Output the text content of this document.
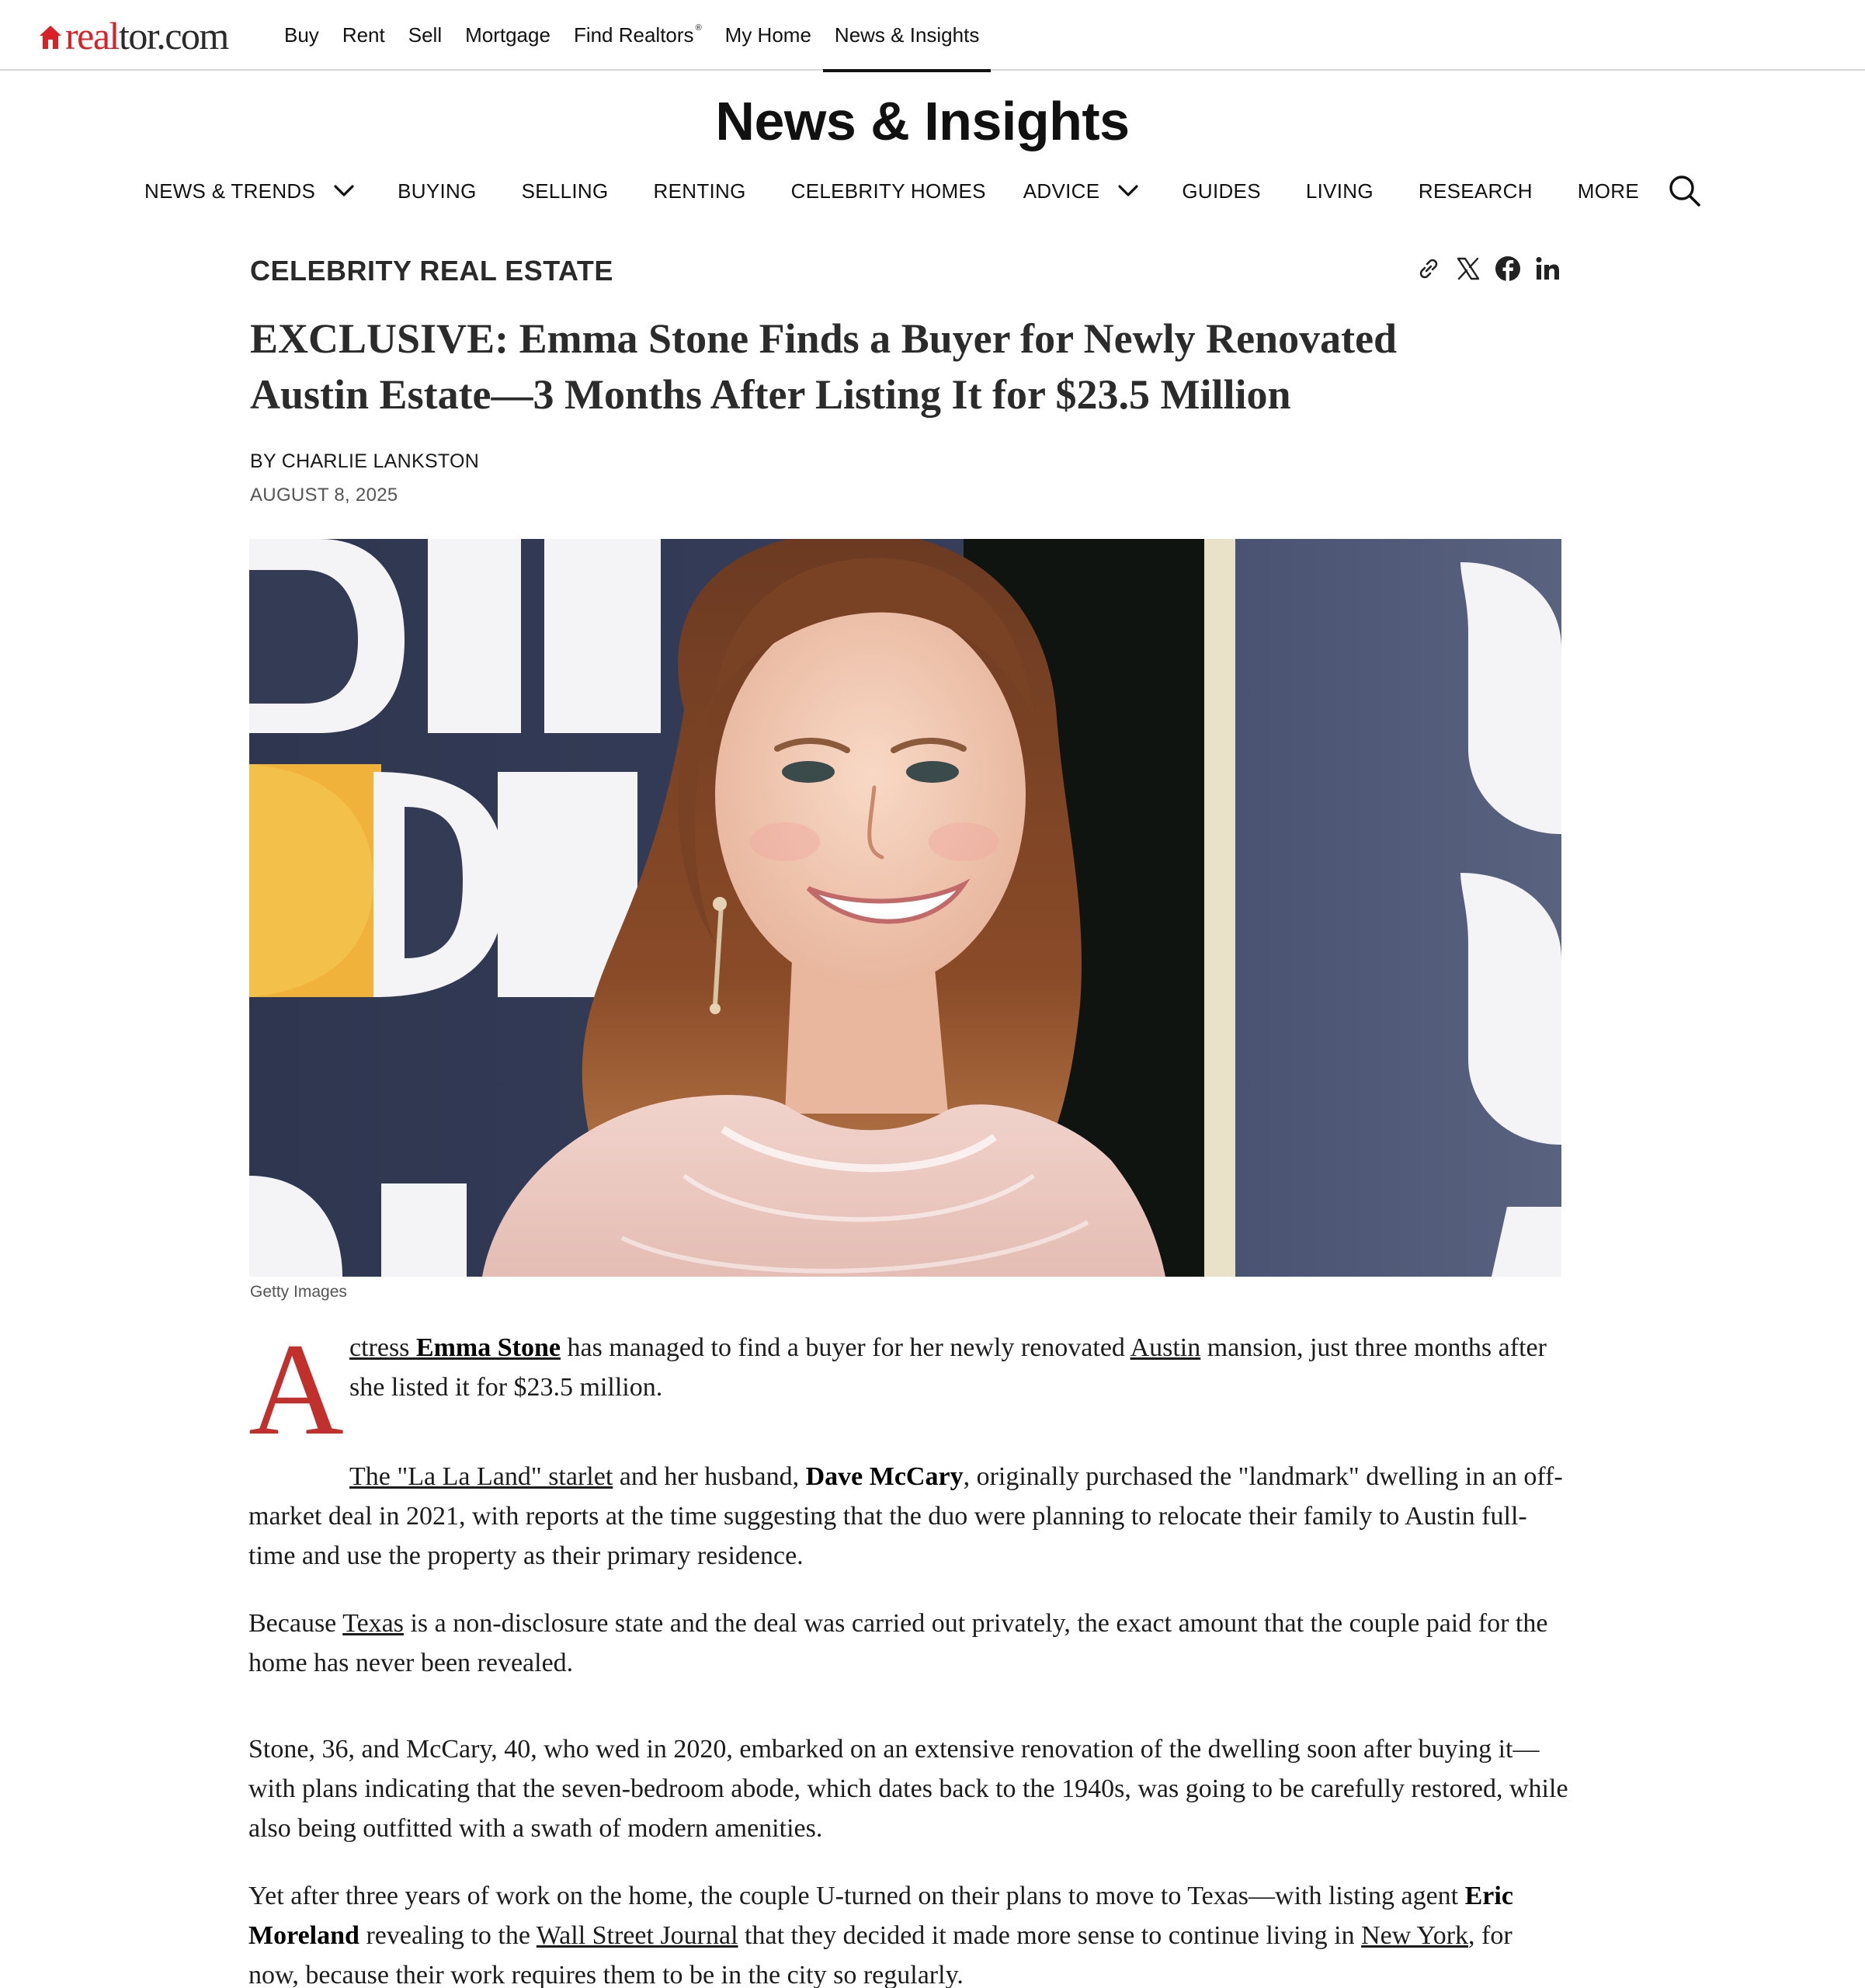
realtor.com	Buy Rent Sell Mortgage Find Realtors® My Home News & Insights
News & Insights
NEWS & TRENDS	BUYING SELLING RENTING CELEBRITY HOMES ADVICE	GUIDES LIVING RESEARCH MORE
CELEBRITY REAL ESTATE
EXCLUSIVE: Emma Stone Finds a Buyer for Newly Renovated
Austin Estate—3 Months After Listing It for $23.5 Million
BY CHARLIE LANKSTON
AUGUST 8, 2025
Getty Images
A ctress Emma Stone has managed to find a buyer for her newly renovated Austin mansion, just three months after she listed it for $23.5 million.

The "La La Land" starlet and her husband, Dave McCary, originally purchased the "landmark" dwelling in an off-market deal in 2021, with reports at the time suggesting that the duo were planning to relocate their family to Austin full-time and use the property as their primary residence.

Because Texas is a non-disclosure state and the deal was carried out privately, the exact amount that the couple paid for the home has never been revealed.

Stone, 36, and McCary, 40, who wed in 2020, embarked on an extensive renovation of the dwelling soon after buying it—with plans indicating that the seven-bedroom abode, which dates back to the 1940s, was going to be carefully restored, while also being outfitted with a swath of modern amenities.

Yet after three years of work on the home, the couple U-turned on their plans to move to Texas—with listing agent Eric Moreland revealing to the Wall Street Journal that they decided it made more sense to continue living in New York, for now, because their work requires them to be in the city so regularly.
